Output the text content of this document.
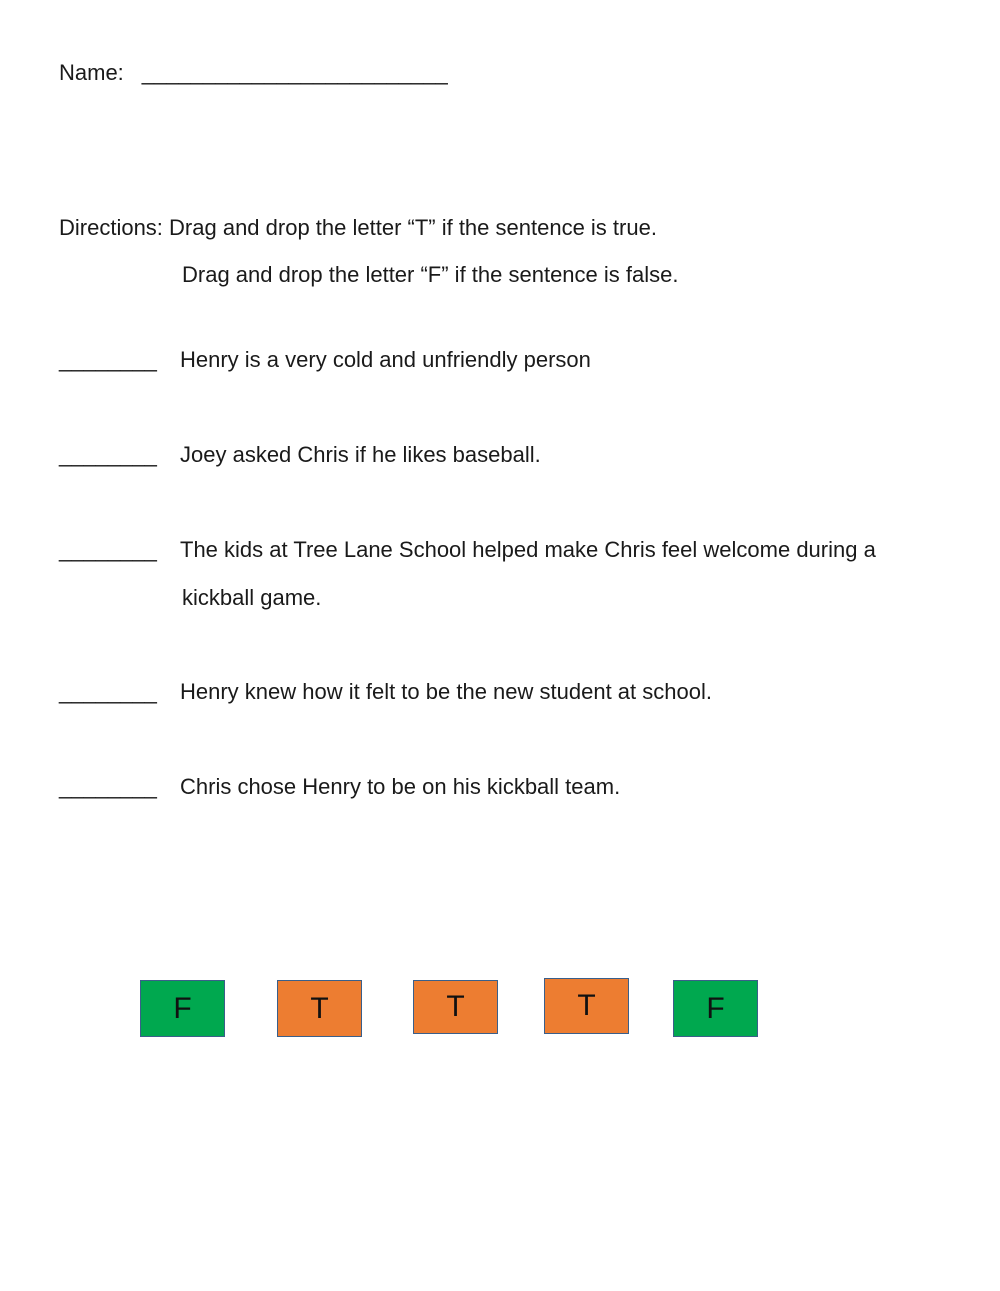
Name: _________________________
Directions: Drag and drop the letter “T” if the sentence is true.
Drag and drop the letter “F” if the sentence is false.
________ Henry is a very cold and unfriendly person
________ Joey asked Chris if he likes baseball.
________ The kids at Tree Lane School helped make Chris feel welcome during a
kickball game.
________ Henry knew how it felt to be the new student at school.
________ Chris chose Henry to be on his kickball team.
F	T	T	T	F
